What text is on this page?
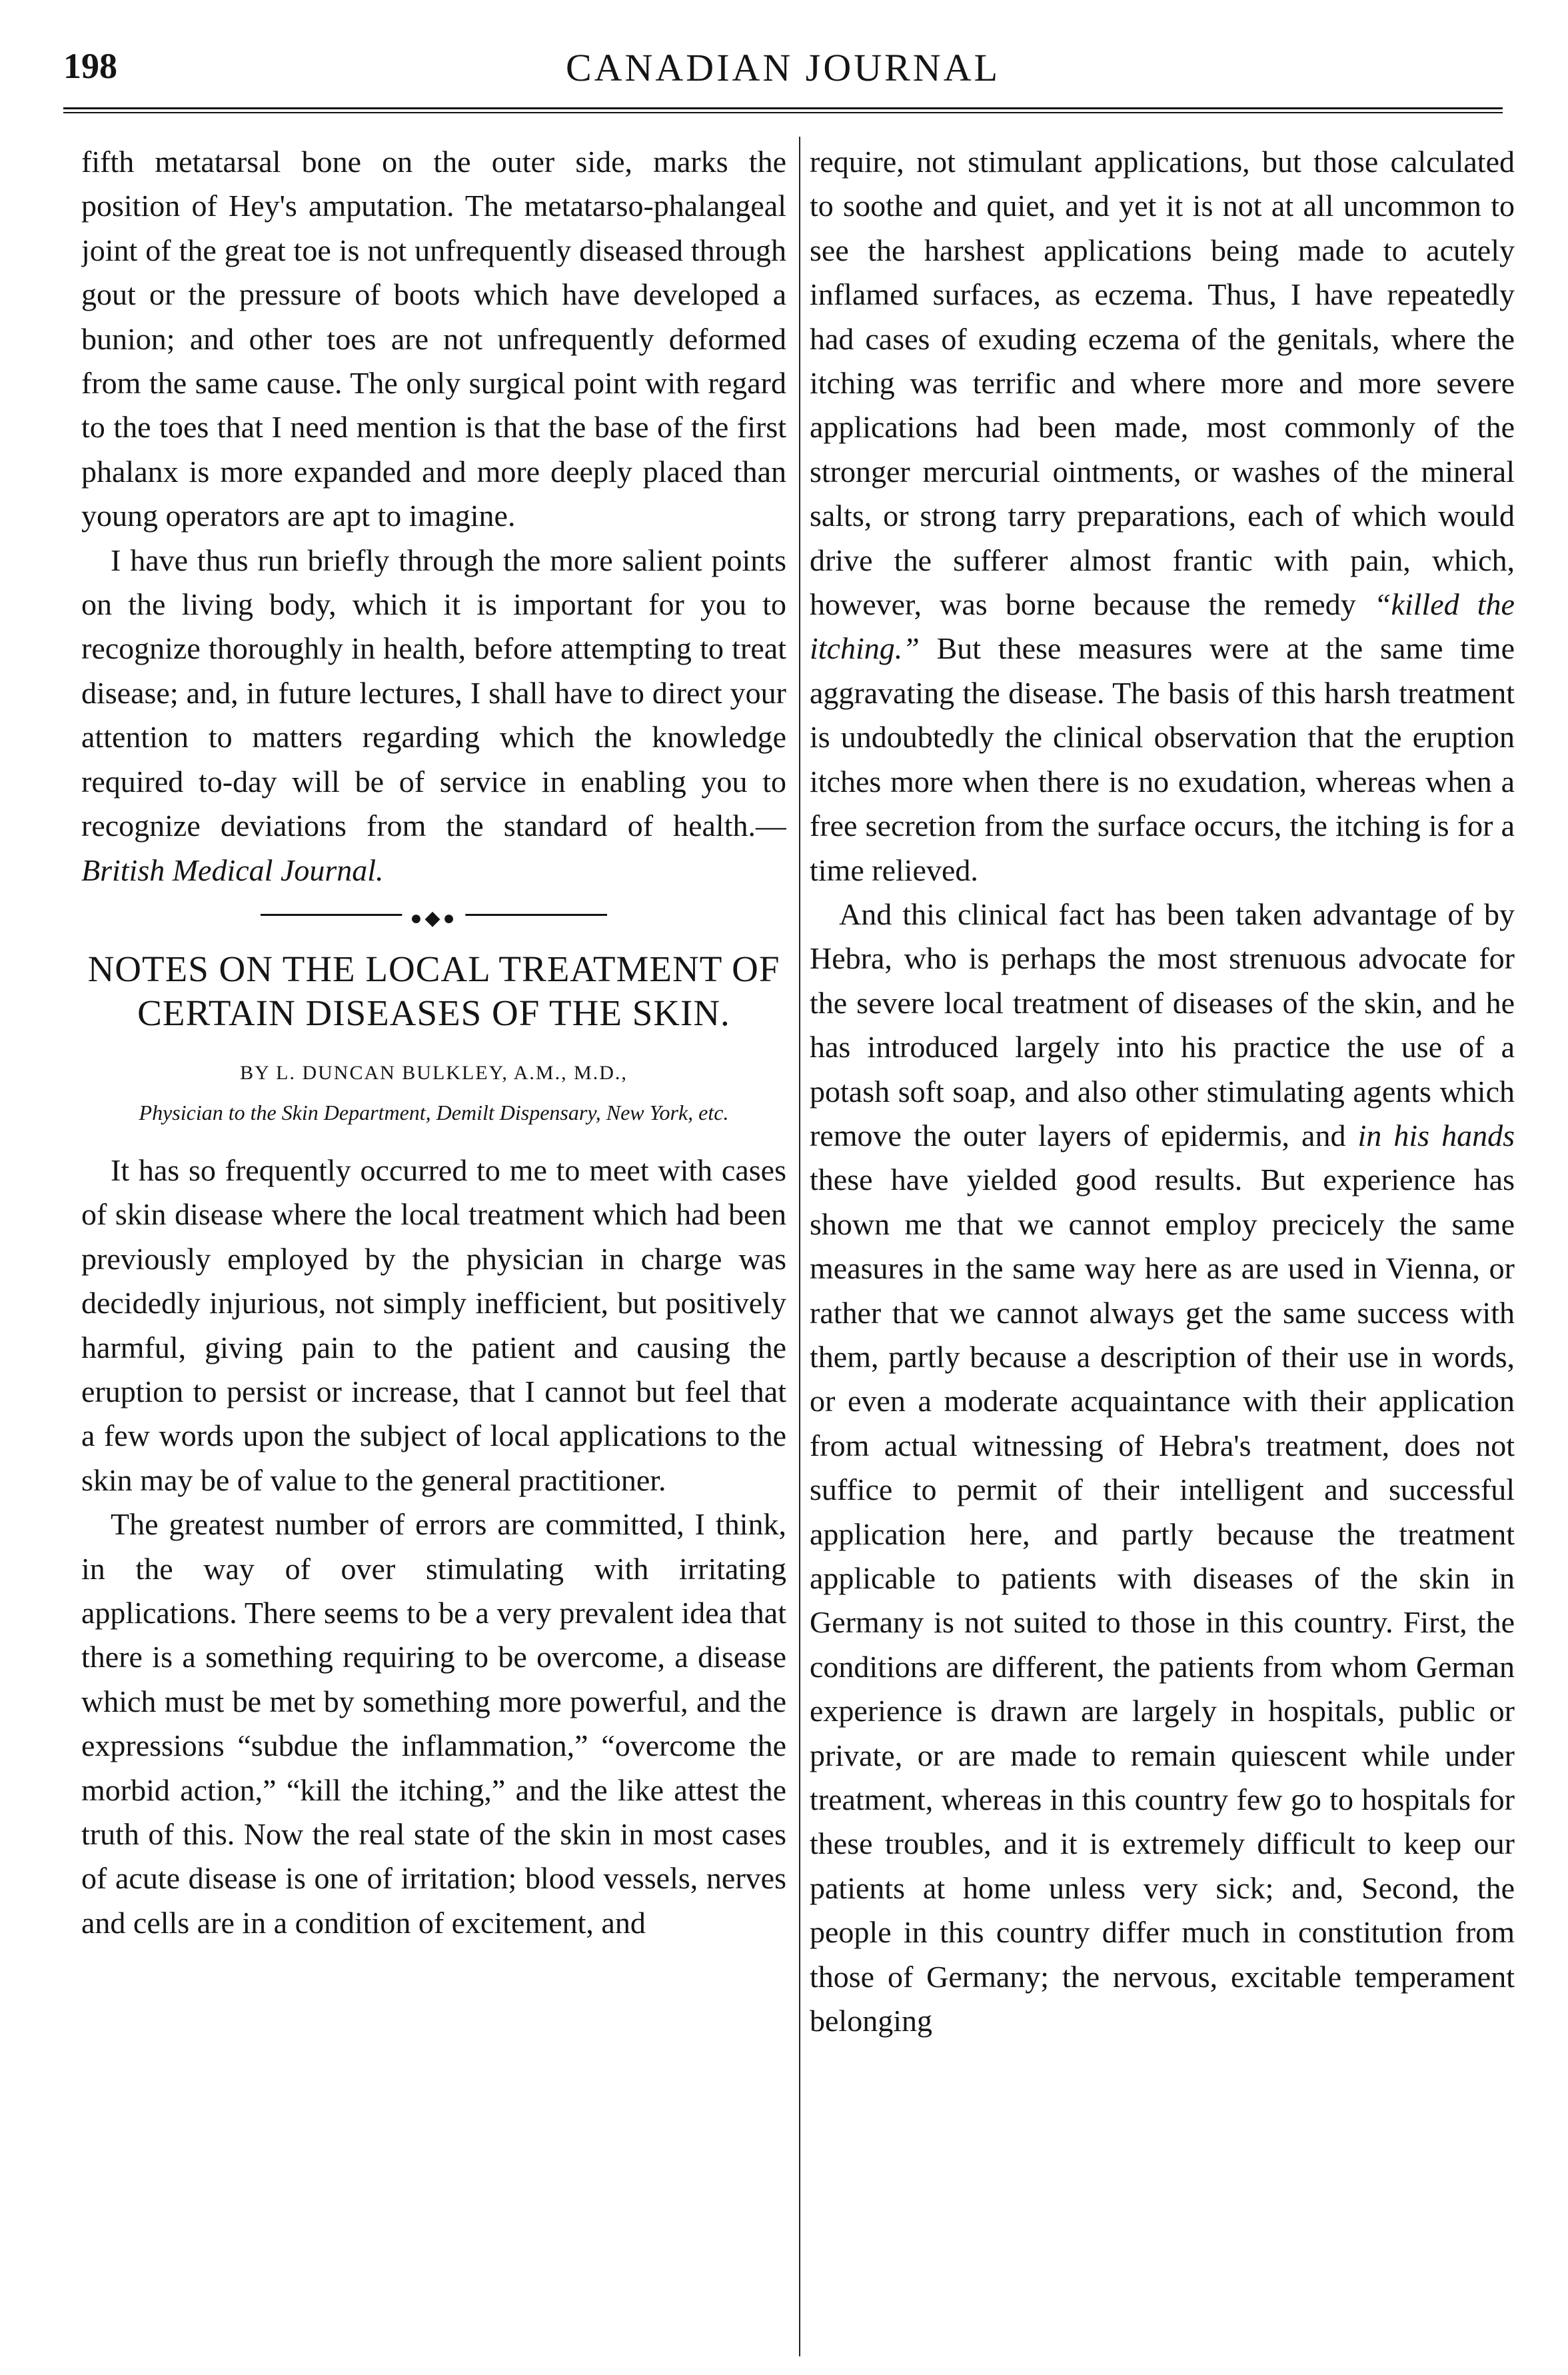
198	CANADIAN JOURNAL

fifth metatarsal bone on the outer side, marks the position of Hey's amputation. The metatarso-phalangeal joint of the great toe is not unfrequently diseased through gout or the pressure of boots which have developed a bunion; and other toes are not unfrequently deformed from the same cause. The only surgical point with regard to the toes that I need mention is that the base of the first phalanx is more expanded and more deeply placed than young operators are apt to imagine.

I have thus run briefly through the more salient points on the living body, which it is important for you to recognize thoroughly in health, before attempting to treat disease; and, in future lectures, I shall have to direct your attention to matters regarding which the knowledge required to-day will be of service in enabling you to recognize deviations from the standard of health.—British Medical Journal.

●◆●
NOTES ON THE LOCAL TREATMENT OF CERTAIN DISEASES OF THE SKIN.
BY L. DUNCAN BULKLEY, A.M., M.D.,
Physician to the Skin Department, Demilt Dispensary, New York, etc.

It has so frequently occurred to me to meet with cases of skin disease where the local treatment which had been previously employed by the physician in charge was decidedly injurious, not simply inefficient, but positively harmful, giving pain to the patient and causing the eruption to persist or increase, that I cannot but feel that a few words upon the subject of local applications to the skin may be of value to the general practitioner.

The greatest number of errors are committed, I think, in the way of over stimulating with irritating applications. There seems to be a very prevalent idea that there is a something requiring to be overcome, a disease which must be met by something more powerful, and the expressions “subdue the inflammation,” “overcome the morbid action,” “kill the itching,” and the like attest the truth of this. Now the real state of the skin in most cases of acute disease is one of irritation; blood vessels, nerves and cells are in a condition of excitement, and

require, not stimulant applications, but those calculated to soothe and quiet, and yet it is not at all uncommon to see the harshest applications being made to acutely inflamed surfaces, as eczema. Thus, I have repeatedly had cases of exuding eczema of the genitals, where the itching was terrific and where more and more severe applications had been made, most commonly of the stronger mercurial ointments, or washes of the mineral salts, or strong tarry preparations, each of which would drive the sufferer almost frantic with pain, which, however, was borne because the remedy “killed the itching.” But these measures were at the same time aggravating the disease. The basis of this harsh treatment is undoubtedly the clinical observation that the eruption itches more when there is no exudation, whereas when a free secretion from the surface occurs, the itching is for a time relieved.

And this clinical fact has been taken advantage of by Hebra, who is perhaps the most strenuous advocate for the severe local treatment of diseases of the skin, and he has introduced largely into his practice the use of a potash soft soap, and also other stimulating agents which remove the outer layers of epidermis, and in his hands these have yielded good results. But experience has shown me that we cannot employ precicely the same measures in the same way here as are used in Vienna, or rather that we cannot always get the same success with them, partly because a description of their use in words, or even a moderate acquaintance with their application from actual witnessing of Hebra's treatment, does not suffice to permit of their intelligent and successful application here, and partly because the treatment applicable to patients with diseases of the skin in Germany is not suited to those in this country. First, the conditions are different, the patients from whom German experience is drawn are largely in hospitals, public or private, or are made to remain quiescent while under treatment, whereas in this country few go to hospitals for these troubles, and it is extremely difficult to keep our patients at home unless very sick; and, Second, the people in this country differ much in constitution from those of Germany; the nervous, excitable temperament belonging
